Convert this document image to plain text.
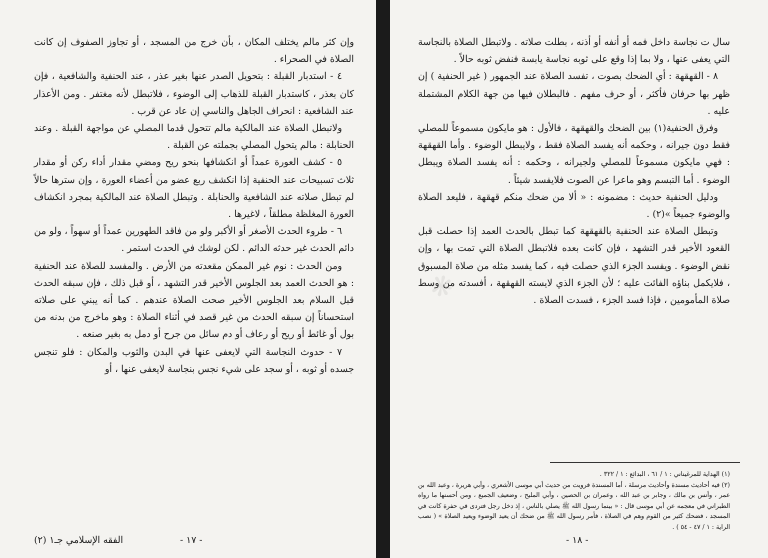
وإن كثر مالم يختلف المكان ، بأن خرج من المسجد ، أو تجاوز الصفوف إن كانت الصلاة في الصحراء .

٤ - استدبار القبلة : بتحويل الصدر عنها بغير عذر ، عند الحنفية والشافعية ، فإن كان بعذر ، كاستدبار القبلة للذهاب إلى الوضوء ، فلاتبطل لأنه مغتفر . ومن الأعذار عند الشافعية : انحراف الجاهل والناسي إن عاد عن قرب .

ولاتبطل الصلاة عند المالكية مالم تتحول قدما المصلي عن مواجهة القبلة . وعند الحنابلة : مالم يتحول المصلي بجملته عن القبلة .

٥ - كشف العورة عمداً أو انكشافها بنحو ريح ومضي مقدار أداء ركن أو مقدار ثلاث تسبيحات عند الحنفية إذا انكشف ربع عضو من أعضاء العورة ، وإن سترها حالاً لم تبطل صلاته عند الشافعية والحنابلة . وتبطل الصلاة عند المالكية بمجرد انكشاف العورة المغلظة مطلقاً ، لاغيرها .

٦ - طروء الحدث الأصغر أو الأكبر ولو من فاقد الطهورين عمداً أو سهواً ، ولو من دائم الحدث غير حدثه الدائم . لكن لوشك في الحدث استمر .

ومن الحدث : نوم غير الممكن مقعدته من الأرض . والمفسد للصلاة عند الحنفية : هو الحدث العمد بعد الجلوس الأخير قدر التشهد ، أو قبل ذلك ، فإن سبقه الحدث قبل السلام بعد الجلوس الأخير صحت الصلاة عندهم . كما أنه يبني على صلاته استحساناً إن سبقه الحدث من غير قصد في أثناء الصلاة : وهو ماخرج من بدنه من بول أو غائط أو ريح أو رعاف أو دم سائل من جرح أو دمل به بغير صنعه .

٧ - حدوث النجاسة التي لايعفى عنها في البدن والثوب والمكان : فلو تنجس جسده أو ثوبه ، أو سجد على شيء نجس بنجاسة لايعفى عنها ، أو

الفقه الإسلامي جـ١ (٢)	- ١٧ -

سال ت نجاسة داخل فمه أو أنفه أو أذنه ، بطلت صلاته . ولاتبطل الصلاة بالنجاسة التي يعفى عنها ، ولا بما إذا وقع على ثوبه نجاسة يابسة فنفض ثوبه حالاً .

٨ - القهقهة : أي الضحك بصوت ، تفسد الصلاة عند الجمهور ( غير الحنفية ) إن ظهر بها حرفان فأكثر ، أو حرف مفهم . فالبطلان فيها من جهة الكلام المشتملة عليه .

وفرق الحنفية(١) بين الضحك والقهقهة ، فالأول : هو مايكون مسموعاً للمصلي فقط دون جيرانه ، وحكمه أنه يفسد الصلاة فقط ، ولايبطل الوضوء . وأما القهقهة : فهي مايكون مسموعاً للمصلي ولجيرانه ، وحكمه : أنه يفسد الصلاة ويبطل الوضوء . أما التبسم وهو ماعرا عن الصوت فلايفسد شيئاً .

ودليل الحنفية حديث : مضمونه : « ألا من ضحك منكم قهقهة ، فليعد الصلاة والوضوء جميعاً »(٢) .

وتبطل الصلاة عند الحنفية بالقهقهة كما تبطل بالحدث العمد إذا حصلت قبل القعود الأخير قدر التشهد ، فإن كانت بعده فلاتبطل الصلاة التي تمت بها ، وإن نقض الوضوء . ويفسد الجزء الذي حصلت فيه ، كما يفسد مثله من صلاة المسبوق ، فلايكمل بناؤه الفائت عليه ؛ لأن الجزء الذي لايسته القهقهة ، أفسدته من وسط صلاة المأمومين ، فإذا فسد الجزء ، فسدت الصلاة .

(١) الهداية للمرغيناني : ١ / ٦١ ، البدائع : ١ / ٣٢٢ .

(٢) فيه أحاديث مسندة وأحاديث مرسلة ، أما المسندة فرويت من حديث أبي موسى الأشعري ، وأبي هريرة ، وعبد الله بن عمر ، وأنس بن مالك ، وجابر بن عبد الله ، وعمران بن الحصين ، وأبي المليح ، وضعيف الجميع ، ومن أحسنها ما رواه الطبراني في معجمه عن أبي موسى قال : « بينما رسول الله ﷺ يصلي بالناس ، إذ دخل رجل فتردى في حفرة كانت في المسجد ، فضحك كثير من القوم وهم في الصلاة ، فأمر رسول الله ﷺ من ضحك أن يعيد الوضوء ويعيد الصلاة » ( نصب الراية : ١ / ٤٧ - ٥٤ ) .

- ١٨ -
❋
